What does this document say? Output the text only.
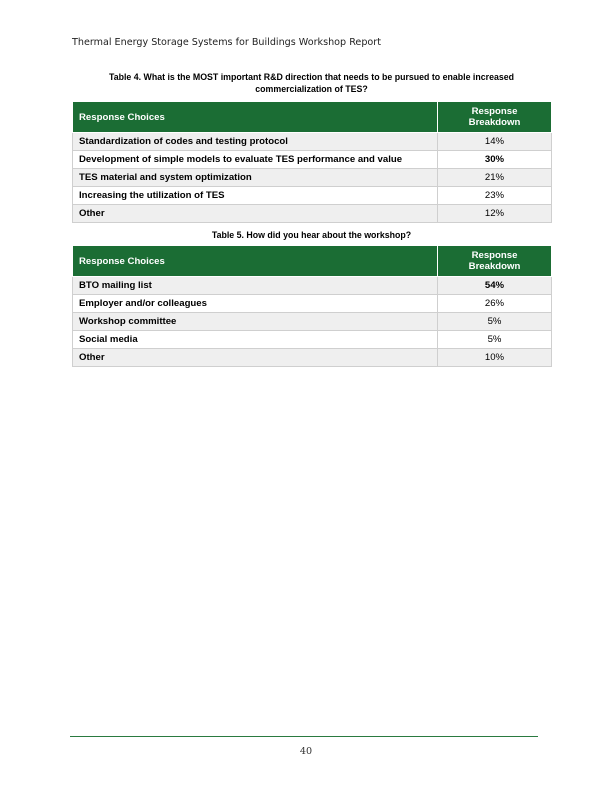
Thermal Energy Storage Systems for Buildings Workshop Report
Table 4. What is the MOST important R&D direction that needs to be pursued to enable increased
commercialization of TES?
Response Choices	Response
Breakdown

Standardization of codes and testing protocol	14%
Development of simple models to evaluate TES performance and value	30%
TES material and system optimization	21%
Increasing the utilization of TES	23%
Other	12%
Table 5. How did you hear about the workshop?
Response Choices	Response
Breakdown

BTO mailing list	54%
Employer and/or colleagues	26%
Workshop committee	5%
Social media	5%
Other	10%
40
